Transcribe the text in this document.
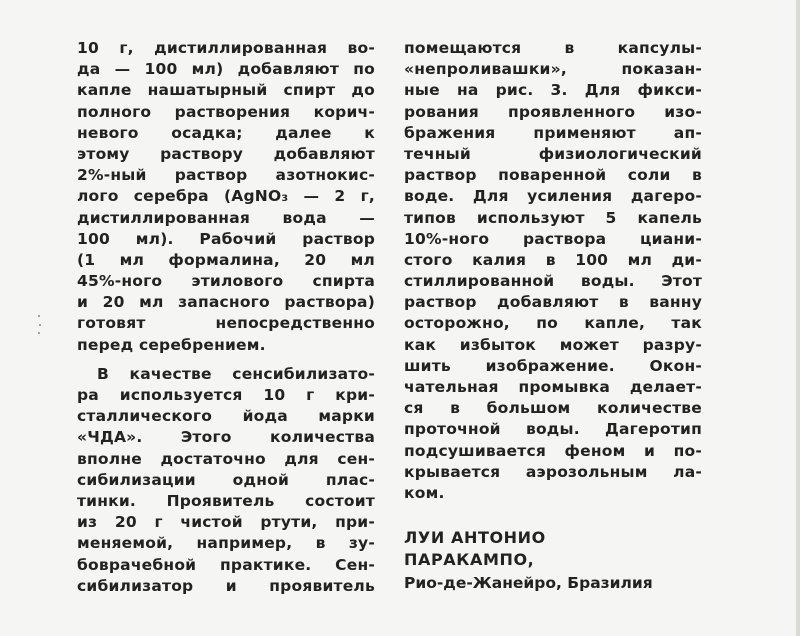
10 г, дистиллированная во-
да — 100 мл) добавляют по
капле нашатырный спирт до
полного растворения корич-
невого осадка; далее к
этому раствору добавляют
2%-ный раствор азотнокис-
лого серебра (AgNO₃ — 2 г,
дистиллированная вода —
100 мл). Рабочий раствор
(1 мл формалина, 20 мл
45%-ного этилового спирта
и 20 мл запасного раствора)
готовят непосредственно
перед серебрением.
В качестве сенсибилизато-
ра используется 10 г кри-
сталлического йода марки
«ЧДА». Этого количества
вполне достаточно для сен-
сибилизации одной плас-
тинки. Проявитель состоит
из 20 г чистой ртути, при-
меняемой, например, в зу-
боврачебной практике. Сен-
сибилизатор и проявитель
помещаются в капсулы-
«непроливашки», показан-
ные на рис. 3. Для фикси-
рования проявленного изо-
бражения применяют ап-
течный физиологический
раствор поваренной соли в
воде. Для усиления дагеро-
типов используют 5 капель
10%-ного раствора циани-
стого калия в 100 мл ди-
стиллированной воды. Этот
раствор добавляют в ванну
осторожно, по капле, так
как избыток может разру-
шить изображение. Окон-
чательная промывка делает-
ся в большом количестве
проточной воды. Дагеротип
подсушивается феном и по-
крывается аэрозольным ла-
ком.
ЛУИ АНТОНИО
ПАРАКАМПО,
Рио-де-Жанейро, Бразилия
